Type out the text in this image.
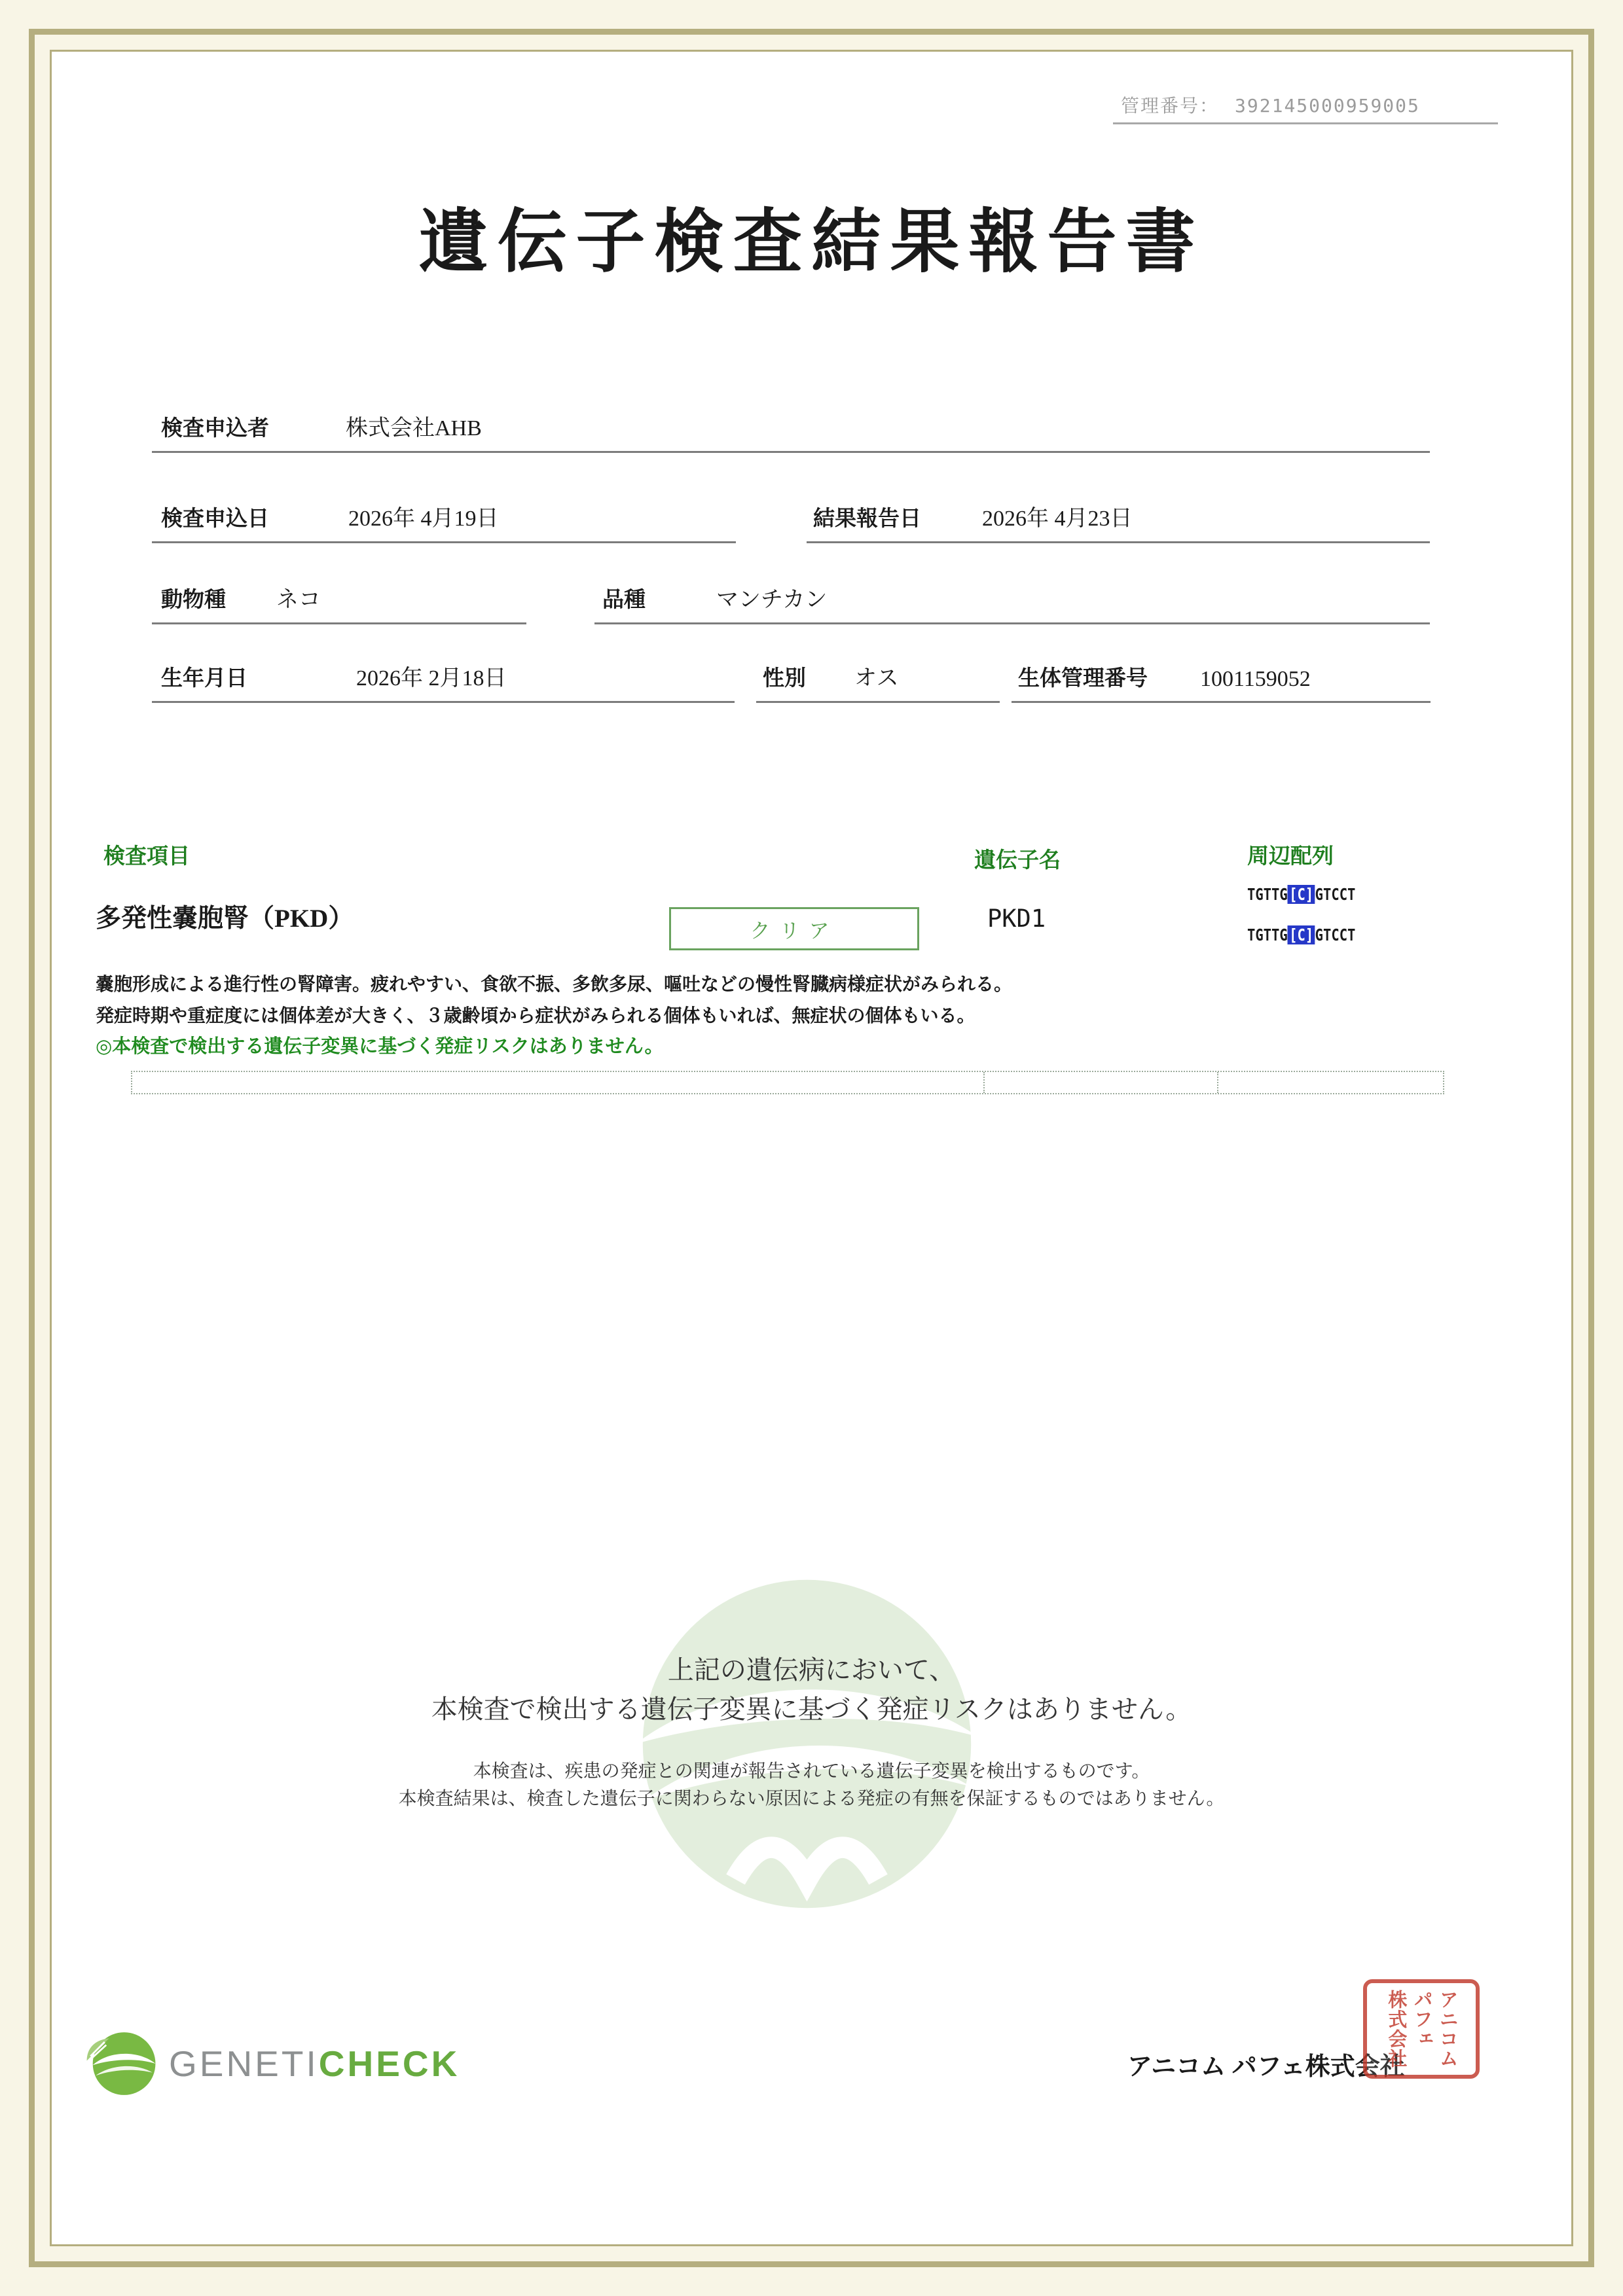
管理番号： 392145000959005
遺伝子検査結果報告書
検査申込者	株式会社AHB
検査申込日	2026年 4月19日	結果報告日	2026年 4月23日
動物種 ネコ	品種	マンチカン
生年月日	2026年 2月18日	性別 オス	生体管理番号 1001159052
検査項目	遺伝子名	周辺配列
多発性嚢胞腎（PKD）	クリア	PKD1
TGTTG[C]GTCCT
TGTTG[C]GTCCT
嚢胞形成による進行性の腎障害。疲れやすい、食欲不振、多飲多尿、嘔吐などの慢性腎臓病様症状がみられる。
発症時期や重症度には個体差が大きく、３歳齢頃から症状がみられる個体もいれば、無症状の個体もいる。
◎本検査で検出する遺伝子変異に基づく発症リスクはありません。
上記の遺伝病において、
本検査で検出する遺伝子変異に基づく発症リスクはありません。
本検査は、疾患の発症との関連が報告されている遺伝子変異を検出するものです。
本検査結果は、検査した遺伝子に関わらない原因による発症の有無を保証するものではありません。
GENETICHECK	アニコム パフェ株式会社 アニコム
パフェ
株式会社
